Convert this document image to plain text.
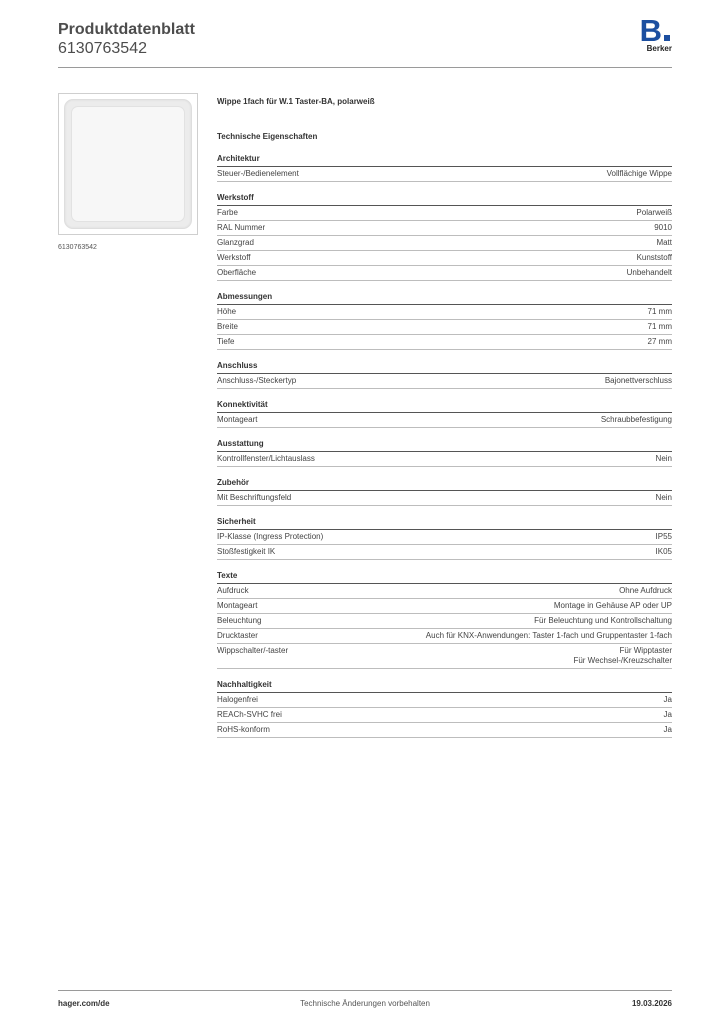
Produktdatenblatt
6130763542
B
Berker
6130763542
Wippe 1fach für W.1 Taster-BA, polarweiß
Technische Eigenschaften
Architektur
Steuer-/Bedienelement	Vollflächige Wippe
Werkstoff
Farbe	Polarweiß
RAL Nummer	9010
Glanzgrad	Matt
Werkstoff	Kunststoff
Oberfläche	Unbehandelt
Abmessungen
Höhe	71 mm
Breite	71 mm
Tiefe	27 mm
Anschluss
Anschluss-/Steckertyp	Bajonettverschluss
Konnektivität
Montageart	Schraubbefestigung
Ausstattung
Kontrollfenster/Lichtauslass	Nein
Zubehör
Mit Beschriftungsfeld	Nein
Sicherheit
IP-Klasse (Ingress Protection)	IP55
Stoßfestigkeit IK	IK05
Texte
Aufdruck	Ohne Aufdruck
Montageart	Montage in Gehäuse AP oder UP
Beleuchtung	Für Beleuchtung und Kontrollschaltung
Drucktaster	Auch für KNX-Anwendungen: Taster 1-fach und Gruppentaster 1-fach
Wippschalter/-taster	Für Wipptaster
Für Wechsel-/Kreuzschalter
Nachhaltigkeit
Halogenfrei	Ja
REACh-SVHC frei	Ja
RoHS-konform	Ja
hager.com/de	Technische Änderungen vorbehalten	19.03.2026
